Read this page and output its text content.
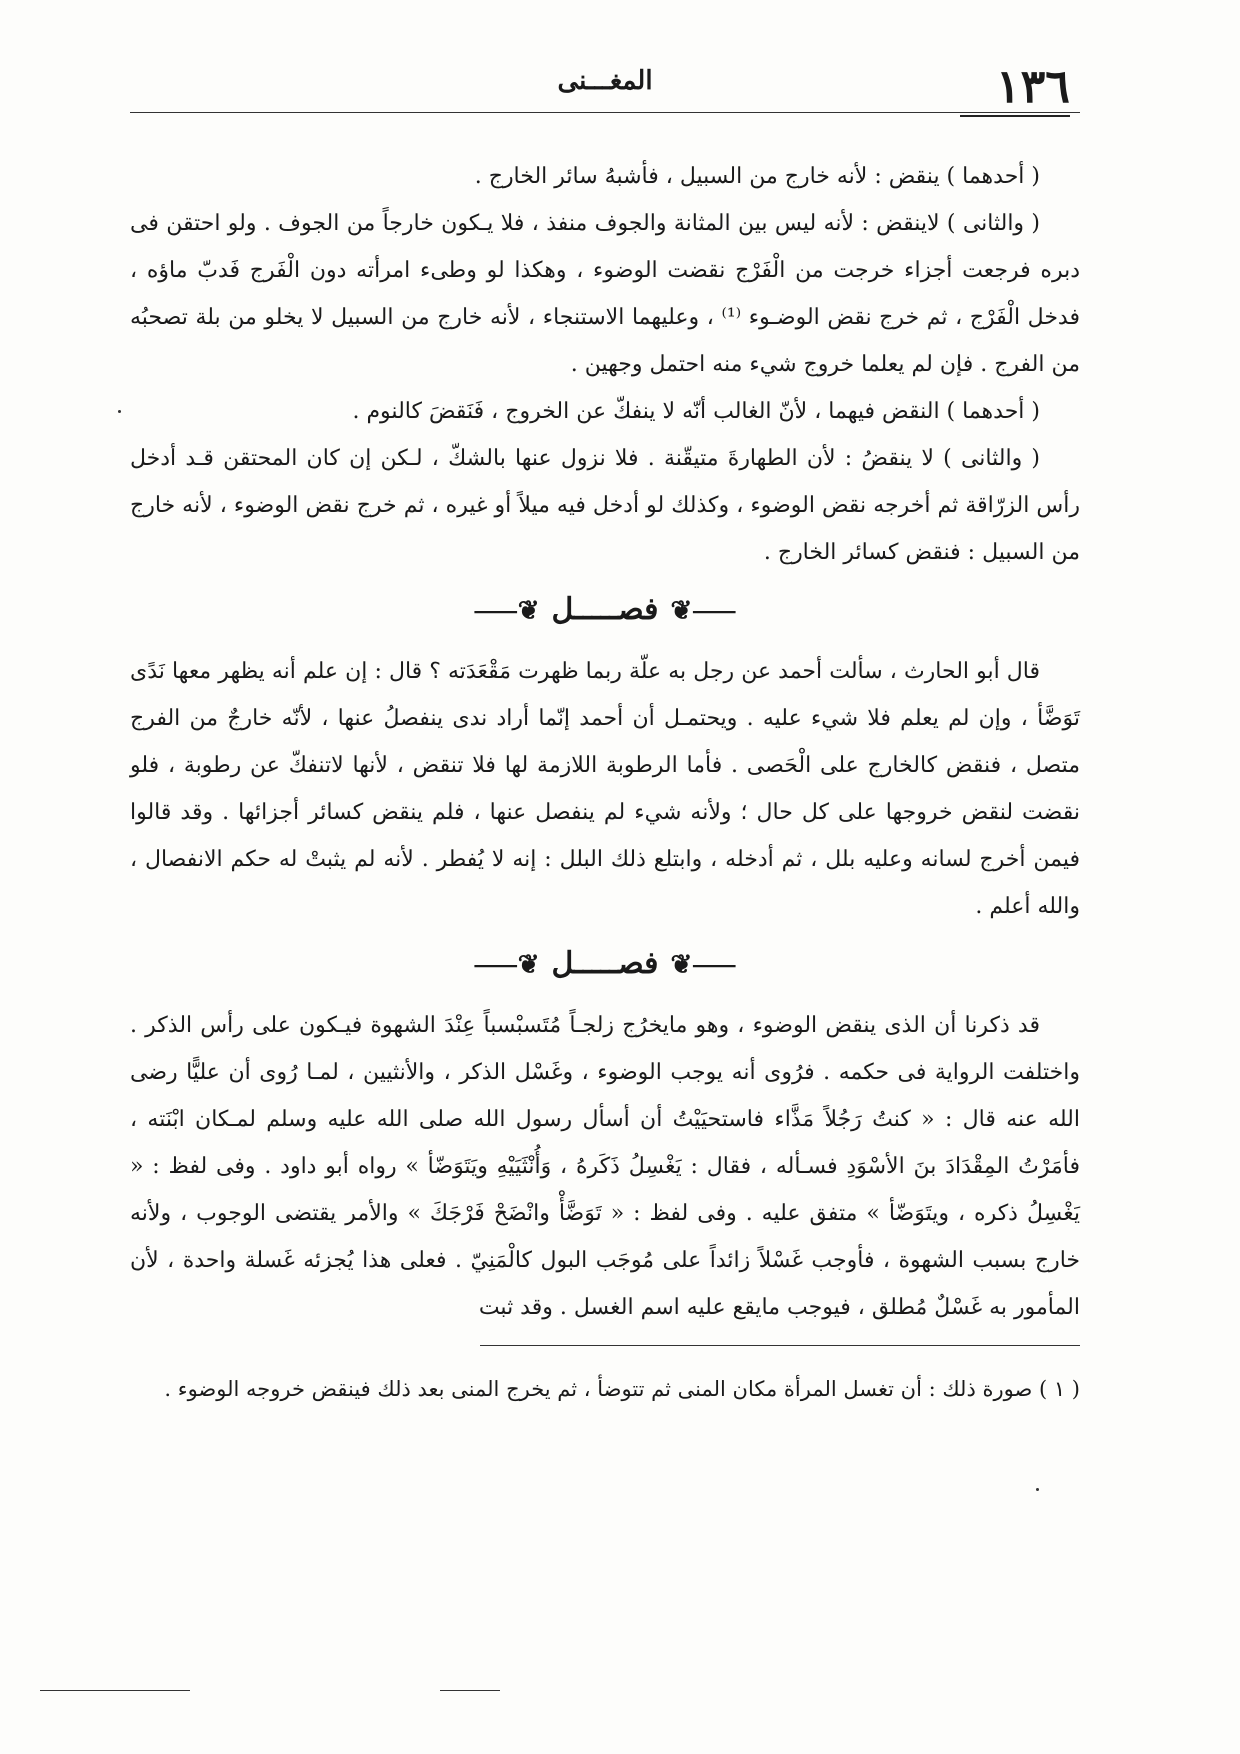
١٣٦
المغـــنى

( أحدهما ) ينقض : لأنه خارج من السبيل ، فأشبهُ سائر الخارج .

( والثانى ) لاينقض : لأنه ليس بين المثانة والجوف منفذ ، فلا يـكون خارجاً من الجوف . ولو احتقن فى دبره فرجعت أجزاء خرجت من الْفَرْج نقضت الوضوء ، وهكذا لو وطىء امرأته دون الْفَرج فَدبّ ماؤه ، فدخل الْفَرْج ، ثم خرج نقض الوضـوء ⁽¹⁾ ، وعليهما الاستنجاء ، لأنه خارج من السبيل لا يخلو من بلة تصحبُه من الفرج . فإن لم يعلما خروج شيء منه احتمل وجهين .

( أحدهما ) النقض فيهما ، لأنّ الغالب أنّه لا ينفكّ عن الخروج ، فَنَقضَ كالنوم .

( والثانى ) لا ينقضُ : لأن الطهارةَ متيقّنة . فلا نزول عنها بالشكّ ، لـكن إن كان المحتقن قـد أدخل رأس الزرّاقة ثم أخرجه نقض الوضوء ، وكذلك لو أدخل فيه ميلاً أو غيره ، ثم خرج نقض الوضوء ، لأنه خارج من السبيل : فنقض كسائر الخارج .

⸺❦فصـــــل❦⸺

قال أبو الحارث ، سألت أحمد عن رجل به علّة ربما ظهرت مَقْعَدَته ؟ قال : إن علم أنه يظهر معها نَدًى تَوَضَّأ ، وإن لم يعلم فلا شيء عليه . ويحتمـل أن أحمد إنّما أراد ندى ينفصلُ عنها ، لأنّه خارجٌ من الفرج متصل ، فنقض كالخارج على الْحَصى . فأما الرطوبة اللازمة لها فلا تنقض ، لأنها لاتنفكّ عن رطوبة ، فلو نقضت لنقض خروجها على كل حال ؛ ولأنه شيء لم ينفصل عنها ، فلم ينقض كسائر أجزائها . وقد قالوا فيمن أخرج لسانه وعليه بلل ، ثم أدخله ، وابتلع ذلك البلل : إنه لا يُفطر . لأنه لم يثبتْ له حكم الانفصال ، والله أعلم .

⸺❦فصـــــل❦⸺

قد ذكرنا أن الذى ينقض الوضوء ، وهو مايخرُج زلجـاً مُتَسبْسباً عِنْدَ الشهوة فيـكون على رأس الذكر . واختلفت الرواية فى حكمه . فرُوى أنه يوجب الوضوء ، وغَسْل الذكر ، والأنثيين ، لمـا رُوى أن عليًّا رضى الله عنه قال : « كنتُ رَجُلاً مَذَّاء فاستحيَيْتُ أن أسأل رسول الله صلى الله عليه وسلم لمـكان ابْنَته ، فأمَرْتُ المِقْدَادَ بنَ الأسْوَدِ فسـأله ، فقال : يَغْسِلُ ذَكَرهُ ، وَأُنْثَيَيْهِ ويَتَوَضّأ » رواه أبو داود . وفى لفظ : « يَغْسِلُ ذكره ، ويتَوَضّأ » متفق عليه . وفى لفظ : « تَوَضَّأْ وانْضَحْ فَرْجَكَ » والأمر يقتضى الوجوب ، ولأنه خارج بسبب الشهوة ، فأوجب غَسْلاً زائداً على مُوجَب البول كالْمَنِيّ . فعلى هذا يُجزئه غَسلة واحدة ، لأن المأمور به غَسْلٌ مُطلق ، فيوجب مايقع عليه اسم الغسل . وقد ثبت

( ١ ) صورة ذلك : أن تغسل المرأة مكان المنى ثم تتوضأ ، ثم يخرج المنى بعد ذلك فينقض خروجه الوضوء .
